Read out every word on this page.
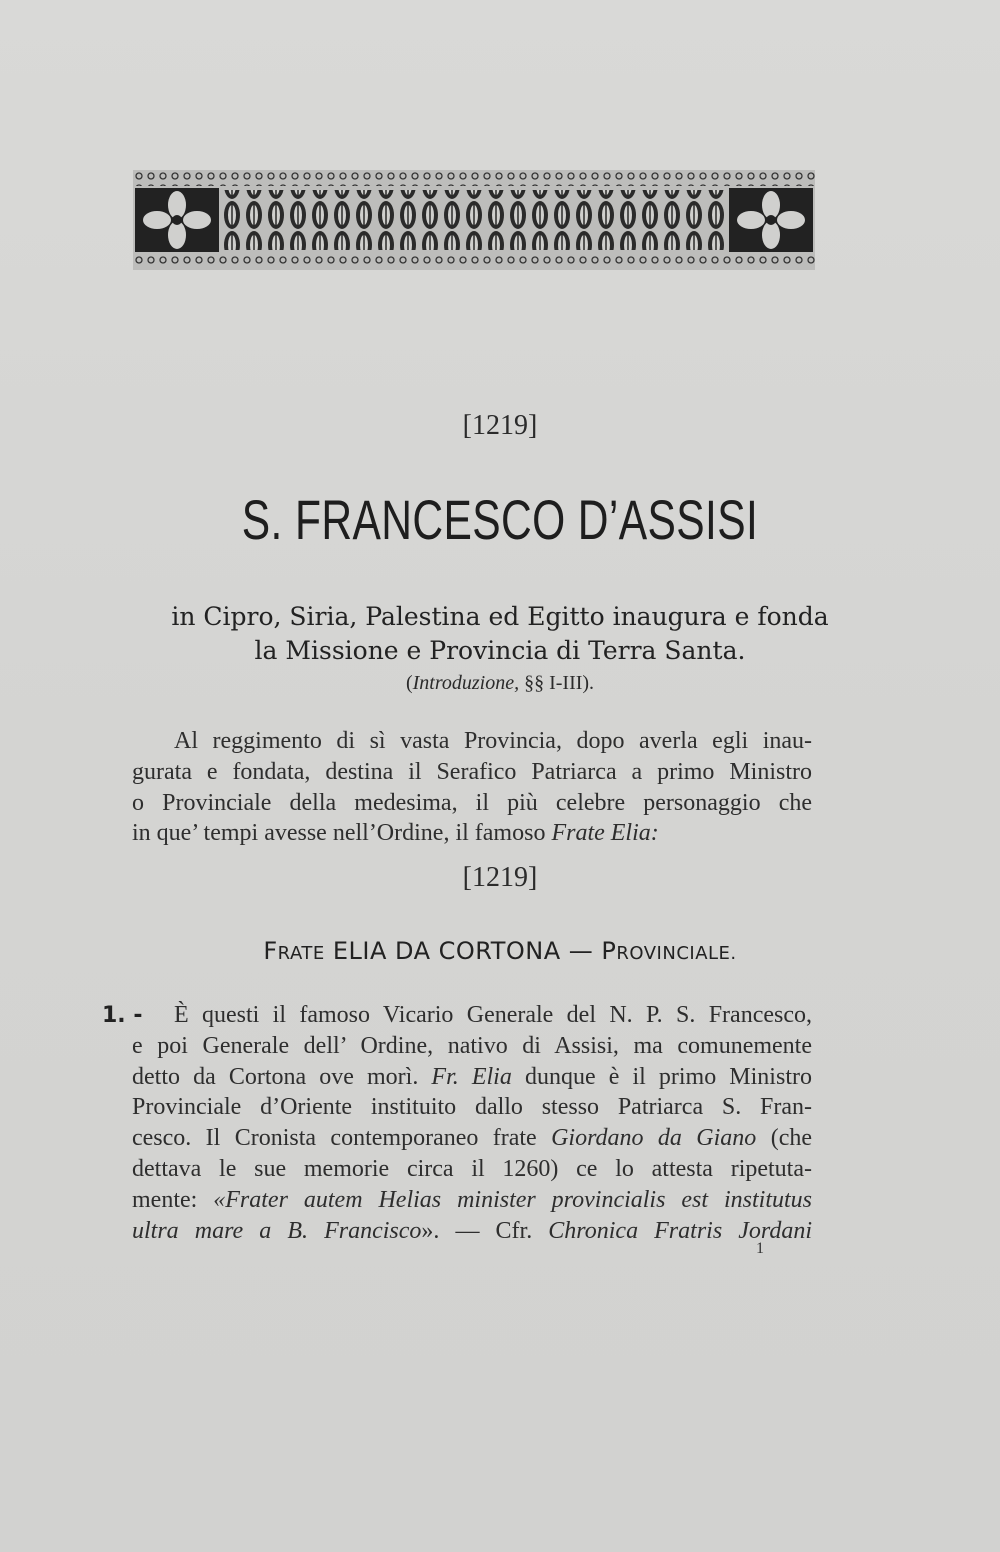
[1219]
S. FRANCESCO D’ASSISI
in Cipro, Siria, Palestina ed Egitto inaugura e fonda
la Missione e Provincia di Terra Santa.
(Introduzione, §§ I-III).
Al reggimento di sì vasta Provincia, dopo averla egli inau-
gurata e fondata, destina il Serafico Patriarca a primo Ministro
o Provinciale della medesima, il più celebre personaggio che
in que’ tempi avesse nell’Ordine, il famoso Frate Elia:
[1219]
FRATE ELIA DA CORTONA — PROVINCIALE.
1. -	È questi il famoso Vicario Generale del N. P. S. Francesco,
e poi Generale dell’ Ordine, nativo di Assisi, ma comunemente
detto da Cortona ove morì. Fr. Elia dunque è il primo Ministro
Provinciale d’Oriente instituito dallo stesso Patriarca S. Fran-
cesco. Il Cronista contemporaneo frate Giordano da Giano (che
dettava le sue memorie circa il 1260) ce lo attesta ripetuta-
mente: «Frater autem Helias minister provincialis est institutus
ultra mare a B. Francisco». — Cfr. Chronica Fratris Jordani
1
